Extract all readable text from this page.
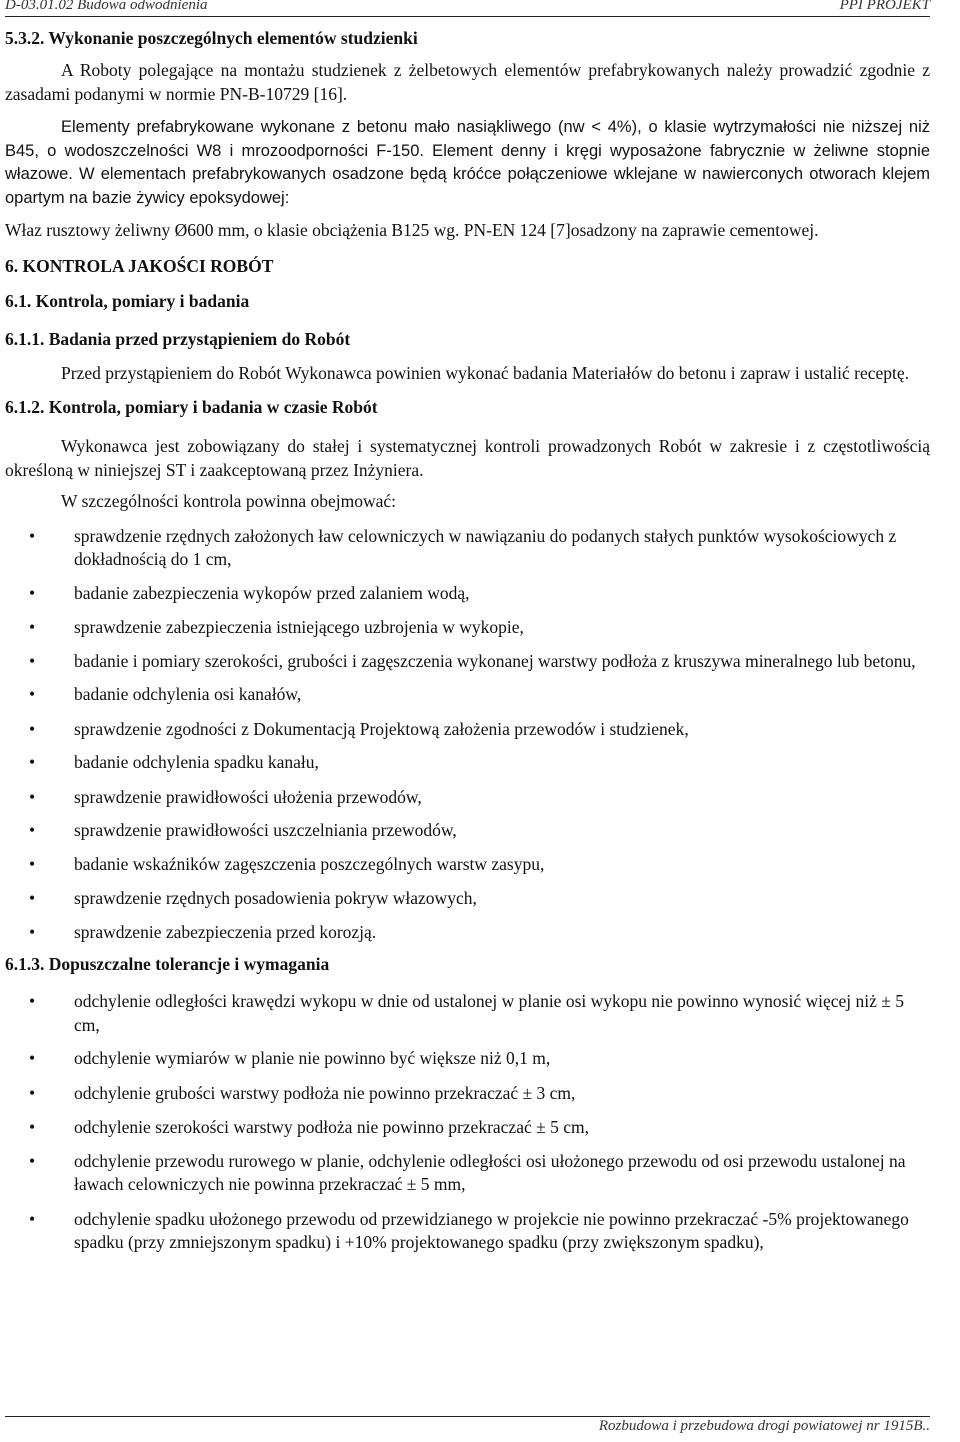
D-03.01.02 Budowa odwodnienia	PPI PROJEKT
5.3.2. Wykonanie poszczególnych elementów studzienki

A Roboty polegające na montażu studzienek z żelbetowych elementów prefabrykowanych należy prowadzić zgodnie z zasadami podanymi w normie PN-B-10729 [16].

Elementy prefabrykowane wykonane z betonu mało nasiąkliwego (nw < 4%), o klasie wytrzymałości nie niższej niż B45, o wodoszczelności W8 i mrozoodporności F-150. Element denny i kręgi wyposażone fabrycznie w żeliwne stopnie włazowe. W elementach prefabrykowanych osadzone będą króćce połączeniowe wklejane w nawierconych otworach klejem opartym na bazie żywicy epoksydowej:

Właz rusztowy żeliwny Ø600 mm, o klasie obciążenia B125 wg. PN-EN 124 [7]osadzony na zaprawie cementowej.

6. KONTROLA JAKOŚCI ROBÓT
6.1. Kontrola, pomiary i badania
6.1.1. Badania przed przystąpieniem do Robót

Przed przystąpieniem do Robót Wykonawca powinien wykonać badania Materiałów do betonu i zapraw i ustalić receptę.

6.1.2. Kontrola, pomiary i badania w czasie Robót

Wykonawca jest zobowiązany do stałej i systematycznej kontroli prowadzonych Robót w zakresie i z częstotliwością określoną w niniejszej ST i zaakceptowaną przez Inżyniera.

W szczególności kontrola powinna obejmować:

• sprawdzenie rzędnych założonych ław celowniczych w nawiązaniu do podanych stałych punktów wysokościowych z dokładnością do 1 cm,
• badanie zabezpieczenia wykopów przed zalaniem wodą,
• sprawdzenie zabezpieczenia istniejącego uzbrojenia w wykopie,
• badanie i pomiary szerokości, grubości i zagęszczenia wykonanej warstwy podłoża z kruszywa mineralnego lub betonu,
• badanie odchylenia osi kanałów,
• sprawdzenie zgodności z Dokumentacją Projektową założenia przewodów i studzienek,
• badanie odchylenia spadku kanału,
• sprawdzenie prawidłowości ułożenia przewodów,
• sprawdzenie prawidłowości uszczelniania przewodów,
• badanie wskaźników zagęszczenia poszczególnych warstw zasypu,
• sprawdzenie rzędnych posadowienia pokryw włazowych,
• sprawdzenie zabezpieczenia przed korozją.
6.1.3. Dopuszczalne tolerancje i wymagania
• odchylenie odległości krawędzi wykopu w dnie od ustalonej w planie osi wykopu nie powinno wynosić więcej niż ± 5 cm,
• odchylenie wymiarów w planie nie powinno być większe niż 0,1 m,
• odchylenie grubości warstwy podłoża nie powinno przekraczać ± 3 cm,
• odchylenie szerokości warstwy podłoża nie powinno przekraczać ± 5 cm,
• odchylenie przewodu rurowego w planie, odchylenie odległości osi ułożonego przewodu od osi przewodu ustalonej na ławach celowniczych nie powinna przekraczać ± 5 mm,
• odchylenie spadku ułożonego przewodu od przewidzianego w projekcie nie powinno przekraczać -5% projektowanego spadku (przy zmniejszonym spadku) i +10% projektowanego spadku (przy zwiększonym spadku),
Rozbudowa i przebudowa drogi powiatowej nr 1915B..
